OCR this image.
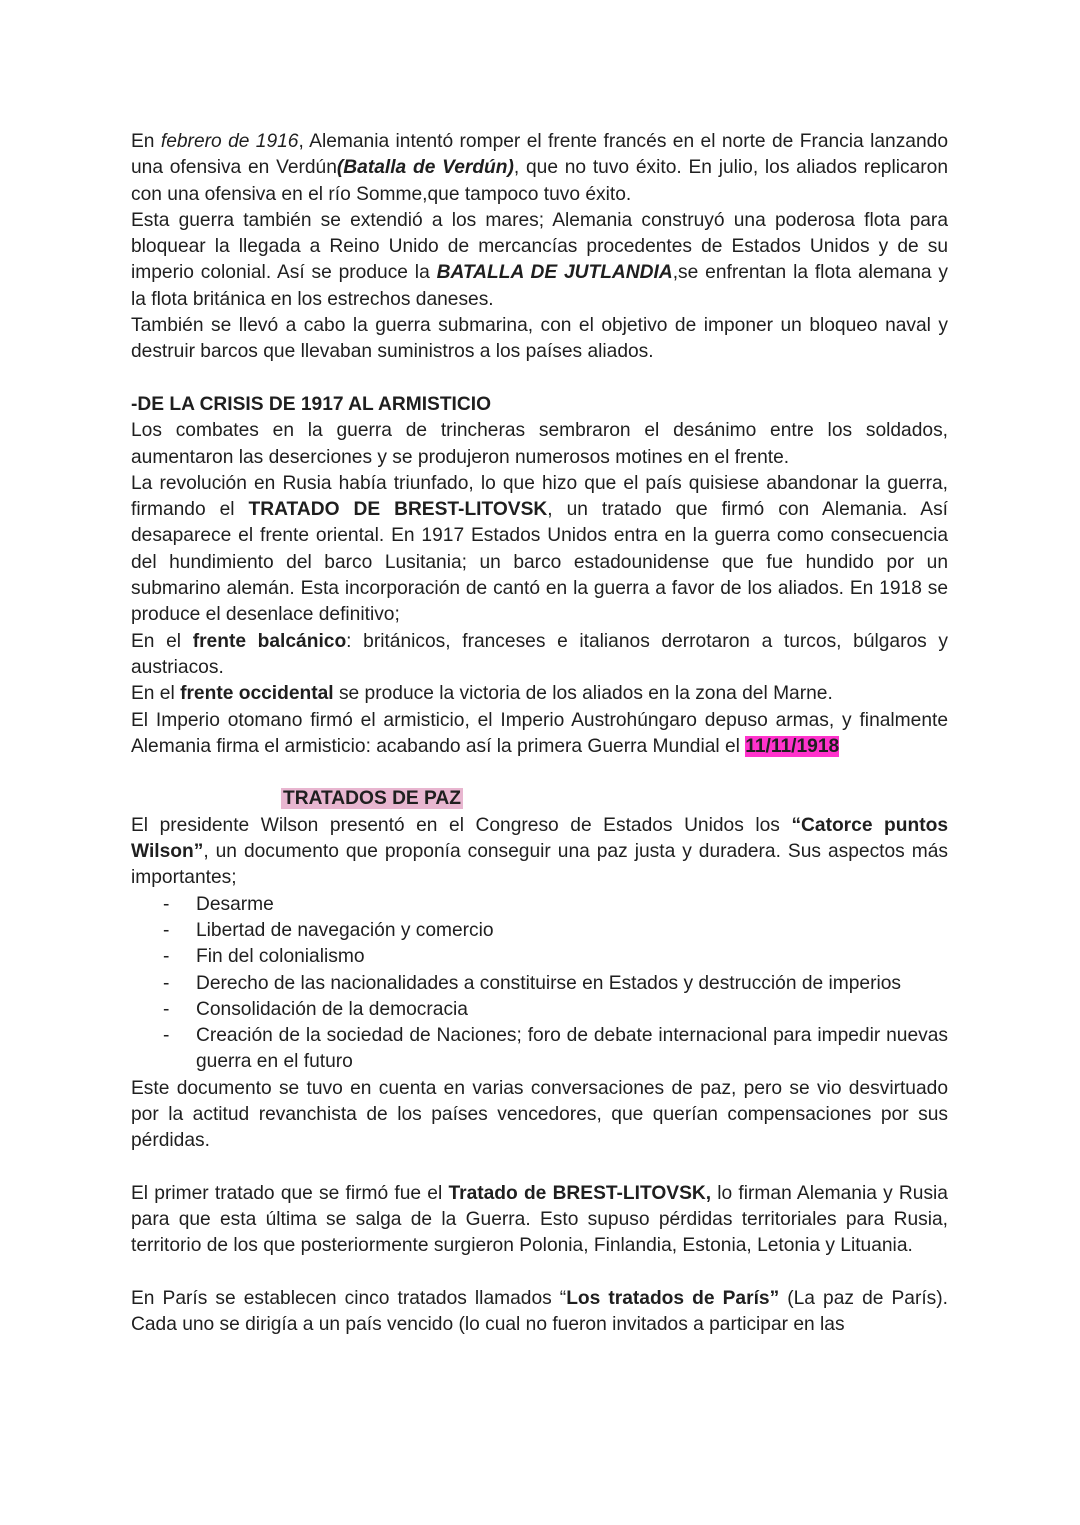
En febrero de 1916, Alemania intentó romper el frente francés en el norte de Francia lanzando una ofensiva en Verdún(Batalla de Verdún), que no tuvo éxito. En julio, los aliados replicaron con una ofensiva en el río Somme,que tampoco tuvo éxito.

Esta guerra también se extendió a los mares; Alemania construyó una poderosa flota para bloquear la llegada a Reino Unido de mercancías procedentes de Estados Unidos y de su imperio colonial. Así se produce la BATALLA DE JUTLANDIA,se enfrentan la flota alemana y la flota británica en los estrechos daneses.

También se llevó a cabo la guerra submarina, con el objetivo de imponer un bloqueo naval y destruir barcos que llevaban suministros a los países aliados.

-DE LA CRISIS DE 1917 AL ARMISTICIO

Los combates en la guerra de trincheras sembraron el desánimo entre los soldados, aumentaron las deserciones y se produjeron numerosos motines en el frente.

La revolución en Rusia había triunfado, lo que hizo que el país quisiese abandonar la guerra, firmando el TRATADO DE BREST-LITOVSK, un tratado que firmó con Alemania. Así desaparece el frente oriental. En 1917 Estados Unidos entra en la guerra como consecuencia del hundimiento del barco Lusitania; un barco estadounidense que fue hundido por un submarino alemán. Esta incorporación de cantó en la guerra a favor de los aliados. En 1918 se produce el desenlace definitivo;

En el frente balcánico: británicos, franceses e italianos derrotaron a turcos, búlgaros y austriacos.

En el frente occidental se produce la victoria de los aliados en la zona del Marne.

El Imperio otomano firmó el armisticio, el Imperio Austrohúngaro depuso armas, y finalmente Alemania firma el armisticio: acabando así la primera Guerra Mundial el 11/11/1918

TRATADOS DE PAZ

El presidente Wilson presentó en el Congreso de Estados Unidos los “Catorce puntos Wilson”, un documento que proponía conseguir una paz justa y duradera. Sus aspectos más importantes;

- Desarme
- Libertad de navegación y comercio
- Fin del colonialismo
- Derecho de las nacionalidades a constituirse en Estados y destrucción de imperios
- Consolidación de la democracia
- Creación de la sociedad de Naciones; foro de debate internacional para impedir nuevas guerra en el futuro

Este documento se tuvo en cuenta en varias conversaciones de paz, pero se vio desvirtuado por la actitud revanchista de los países vencedores, que querían compensaciones por sus pérdidas.

El primer tratado que se firmó fue el Tratado de BREST-LITOVSK, lo firman Alemania y Rusia para que esta última se salga de la Guerra. Esto supuso pérdidas territoriales para Rusia, territorio de los que posteriormente surgieron Polonia, Finlandia, Estonia, Letonia y Lituania.

En París se establecen cinco tratados llamados “Los tratados de París” (La paz de París). Cada uno se dirigía a un país vencido (lo cual no fueron invitados a participar en las
